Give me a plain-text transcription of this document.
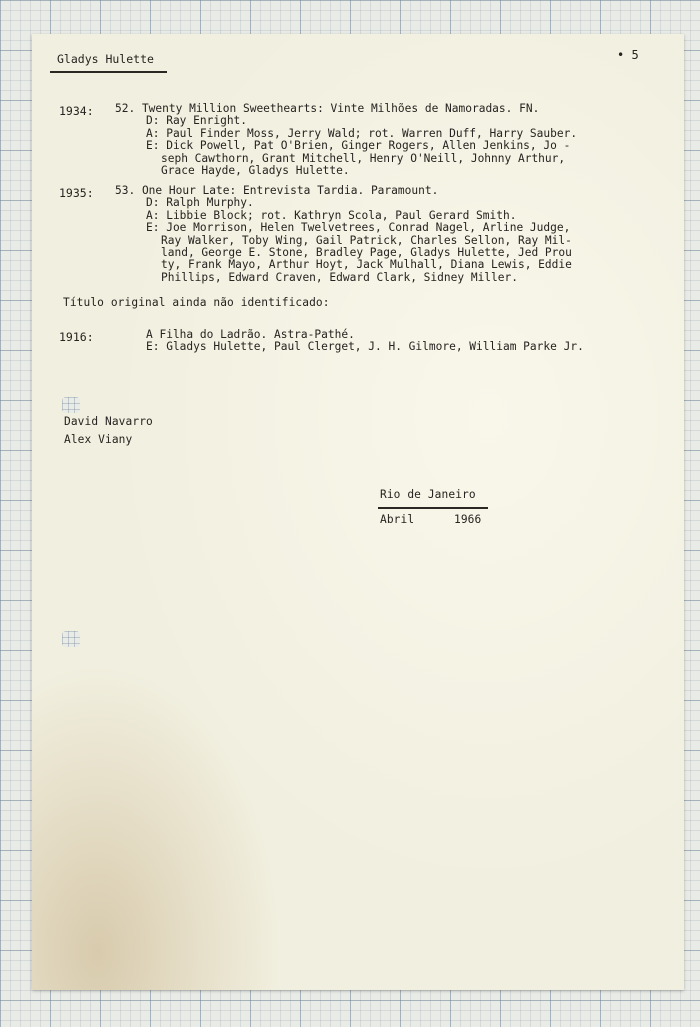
Gladys Hulette	• 5
1934: 52. Twenty Million Sweethearts: Vinte Milhões de Namoradas. FN.
D: Ray Enright.
A: Paul Finder Moss, Jerry Wald; rot. Warren Duff, Harry Sauber.
E: Dick Powell, Pat O'Brien, Ginger Rogers, Allen Jenkins, Jo -
seph Cawthorn, Grant Mitchell, Henry O'Neill, Johnny Arthur,
Grace Hayde, Gladys Hulette.
1935: 53. One Hour Late: Entrevista Tardia. Paramount.
D: Ralph Murphy.
A: Libbie Block; rot. Kathryn Scola, Paul Gerard Smith.
E: Joe Morrison, Helen Twelvetrees, Conrad Nagel, Arline Judge,
Ray Walker, Toby Wing, Gail Patrick, Charles Sellon, Ray Mil-
land, George E. Stone, Bradley Page, Gladys Hulette, Jed Prou
ty, Frank Mayo, Arthur Hoyt, Jack Mulhall, Diana Lewis, Eddie
Phillips, Edward Craven, Edward Clark, Sidney Miller.
Título original ainda não identificado:
1916:	A Filha do Ladrão. Astra-Pathé.
E: Gladys Hulette, Paul Clerget, J. H. Gilmore, William Parke Jr.
David Navarro
Alex Viany
Rio de Janeiro
Abril	1966
